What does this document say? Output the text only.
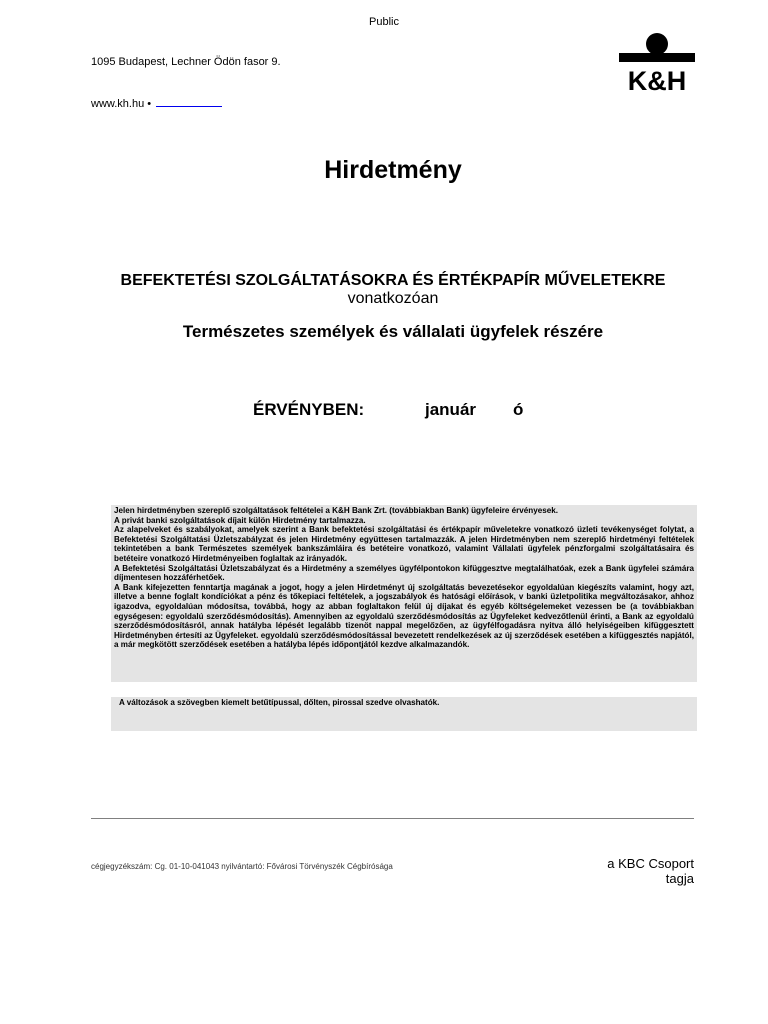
Public
1095 Budapest, Lechner Ödön fasor 9.
www.kh.hu •
K&H
Hirdetmény
BEFEKTETÉSI SZOLGÁLTATÁSOKRA ÉS ÉRTÉKPAPÍR MŰVELETEKRE
vonatkozóan
Természetes személyek és vállalati ügyfelek részére
ÉRVÉNYBEN:	január ó

Jelen hirdetményben szereplő szolgáltatások feltételei a K&H Bank Zrt. (továbbiakban Bank) ügyfeleire érvényesek.

A privát banki szolgáltatások díjait külön Hirdetmény tartalmazza.

Az alapelveket és szabályokat, amelyek szerint a Bank befektetési szolgáltatási és értékpapír műveletekre vonatkozó üzleti tevékenységet folytat, a Befektetési Szolgáltatási Üzletszabályzat és jelen Hirdetmény együttesen tartalmazzák. A jelen Hirdetményben nem szereplő hirdetményi feltételek tekintetében a bank Természetes személyek bankszámláira és betéteire vonatkozó, valamint Vállalati ügyfelek pénzforgalmi szolgáltatásaira és betéteire vonatkozó Hirdetményeiben foglaltak az irányadók.

A Befektetési Szolgáltatási Üzletszabályzat és a Hirdetmény a személyes ügyfélpontokon kifüggesztve megtalálhatóak, ezek a Bank ügyfelei számára díjmentesen hozzáférhetőek.

A Bank kifejezetten fenntartja magának a jogot, hogy a jelen Hirdetményt új szolgáltatás bevezetésekor egyoldalúan kiegészíts valamint, hogy azt, illetve a benne foglalt kondíciókat a pénz és tőkepiaci feltételek, a jogszabályok és hatósági előírások, v banki üzletpolitika megváltozásakor, ahhoz igazodva, egyoldalúan módosítsa, továbbá, hogy az abban foglaltakon felül új díjakat és egyéb költségelemeket vezessen be (a továbbiakban egységesen: egyoldalú szerződésmódosítás). Amennyiben az egyoldalú szerződésmódosítás az Ügyfeleket kedvezőtlenül érinti, a Bank az egyoldalú szerződésmódosításról, annak hatályba lépését legalább tizenöt nappal megelőzően, az ügyfélfogadásra nyitva álló helyiségeiben kifüggesztett Hirdetményben értesíti az Ügyfeleket. egyoldalú szerződésmódosítással bevezetett rendelkezések az új szerződések esetében a kifüggesztés napjától, a már megkötött szerződések esetében a hatályba lépés időpontjától kezdve alkalmazandók.

A változások a szövegben kiemelt betűtípussal, dőlten, pirossal szedve olvashatók.
cégjegyzékszám: Cg. 01-10-041043 nyilvántartó: Fővárosi Törvényszék Cégbírósága	a KBC Csoport tagja
